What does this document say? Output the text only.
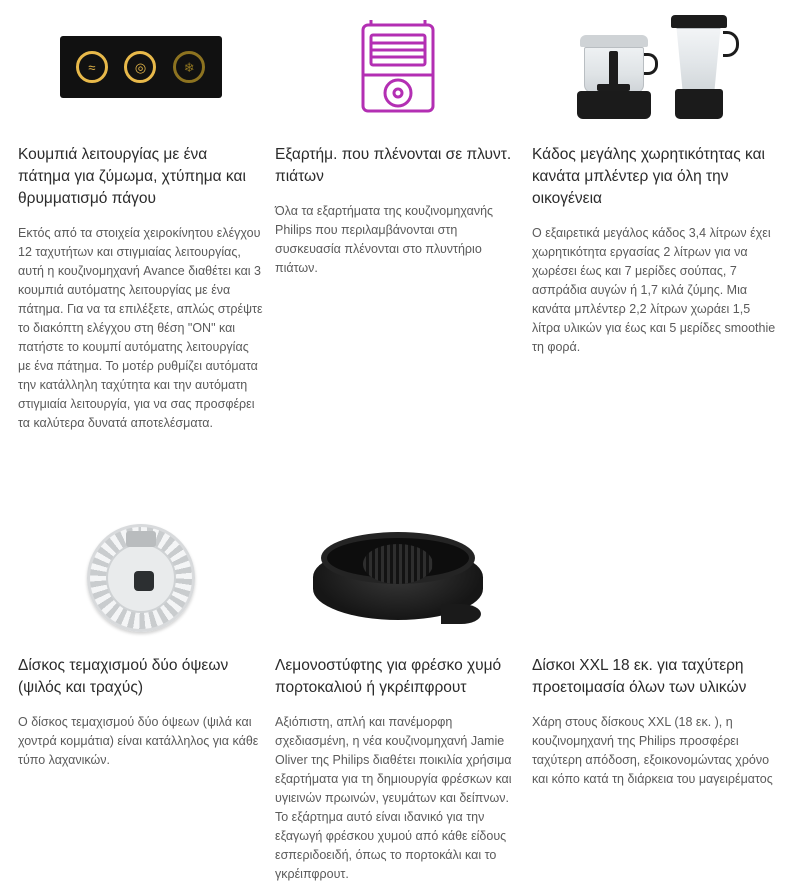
≈	◎	❄
Κουμπιά λειτουργίας με ένα πάτημα για ζύμωμα, χτύπημα και θρυμματισμό πάγου

Εκτός από τα στοιχεία χειροκίνητου ελέγχου 12 ταχυτήτων και στιγμιαίας λειτουργίας, αυτή η κουζινομηχανή Avance διαθέτει και 3 κουμπιά αυτόματης λειτουργίας με ένα πάτημα. Για να τα επιλέξετε, απλώς στρέψτε το διακόπτη ελέγχου στη θέση "ON" και πατήστε το κουμπί αυτόματης λειτουργίας με ένα πάτημα. Το μοτέρ ρυθμίζει αυτόματα την κατάλληλη ταχύτητα και την αυτόματη στιγμιαία λειτουργία, για να σας προσφέρει τα καλύτερα δυνατά αποτελέσματα.

Εξαρτήμ. που πλένονται σε πλυντ. πιάτων

Όλα τα εξαρτήματα της κουζινομηχανής Philips που περιλαμβάνονται στη συσκευασία πλένονται στο πλυντήριο πιάτων.

Κάδος μεγάλης χωρητικότητας και κανάτα μπλέντερ για όλη την οικογένεια

Ο εξαιρετικά μεγάλος κάδος 3,4 λίτρων έχει χωρητικότητα εργασίας 2 λίτρων για να χωρέσει έως και 7 μερίδες σούπας, 7 ασπράδια αυγών ή 1,7 κιλά ζύμης. Μια κανάτα μπλέντερ 2,2 λίτρων χωράει 1,5 λίτρα υλικών για έως και 5 μερίδες smoothie τη φορά.

Δίσκος τεμαχισμού δύο όψεων (ψιλός και τραχύς)

Ο δίσκος τεμαχισμού δύο όψεων (ψιλά και χοντρά κομμάτια) είναι κατάλληλος για κάθε τύπο λαχανικών.

Λεμονοστύφτης για φρέσκο χυμό πορτοκαλιού ή γκρέιπφρουτ

Αξιόπιστη, απλή και πανέμορφη σχεδιασμένη, η νέα κουζινομηχανή Jamie Oliver της Philips διαθέτει ποικιλία χρήσιμα εξαρτήματα για τη δημιουργία φρέσκων και υγιεινών πρωινών, γευμάτων και δείπνων. Το εξάρτημα αυτό είναι ιδανικό για την εξαγωγή φρέσκου χυμού από κάθε είδους εσπεριδοειδή, όπως το πορτοκάλι και το γκρέιπφρουτ.

Δίσκοι XXL 18 εκ. για ταχύτερη προετοιμασία όλων των υλικών

Χάρη στους δίσκους XXL (18 εκ. ), η κουζινομηχανή της Philips προσφέρει ταχύτερη απόδοση, εξοικονομώντας χρόνο και κόπο κατά τη διάρκεια του μαγειρέματος
